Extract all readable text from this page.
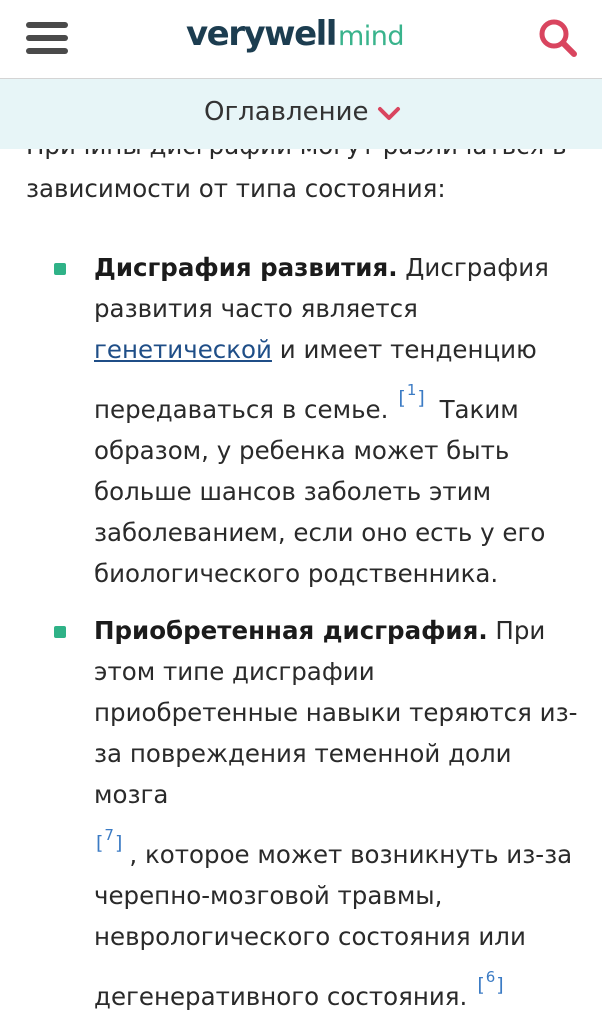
verywellmind
Оглавление

зависимости от типа состояния:
Дисграфия развития. Дисграфия развития часто является генетической и имеет тенденцию передаваться в семье. [$^1$] Таким образом, у ребенка может быть больше шансов заболеть этим заболеванием, если оно есть у его биологического родственника.
Приобретенная дисграфия. При этом типе дисграфии приобретенные навыки теряются из-за повреждения теменной доли мозга
[$^7$] , которое может возникнуть из-за черепно-мозговой травмы, неврологического состояния или дегенеративного состояния. [$^6$]
